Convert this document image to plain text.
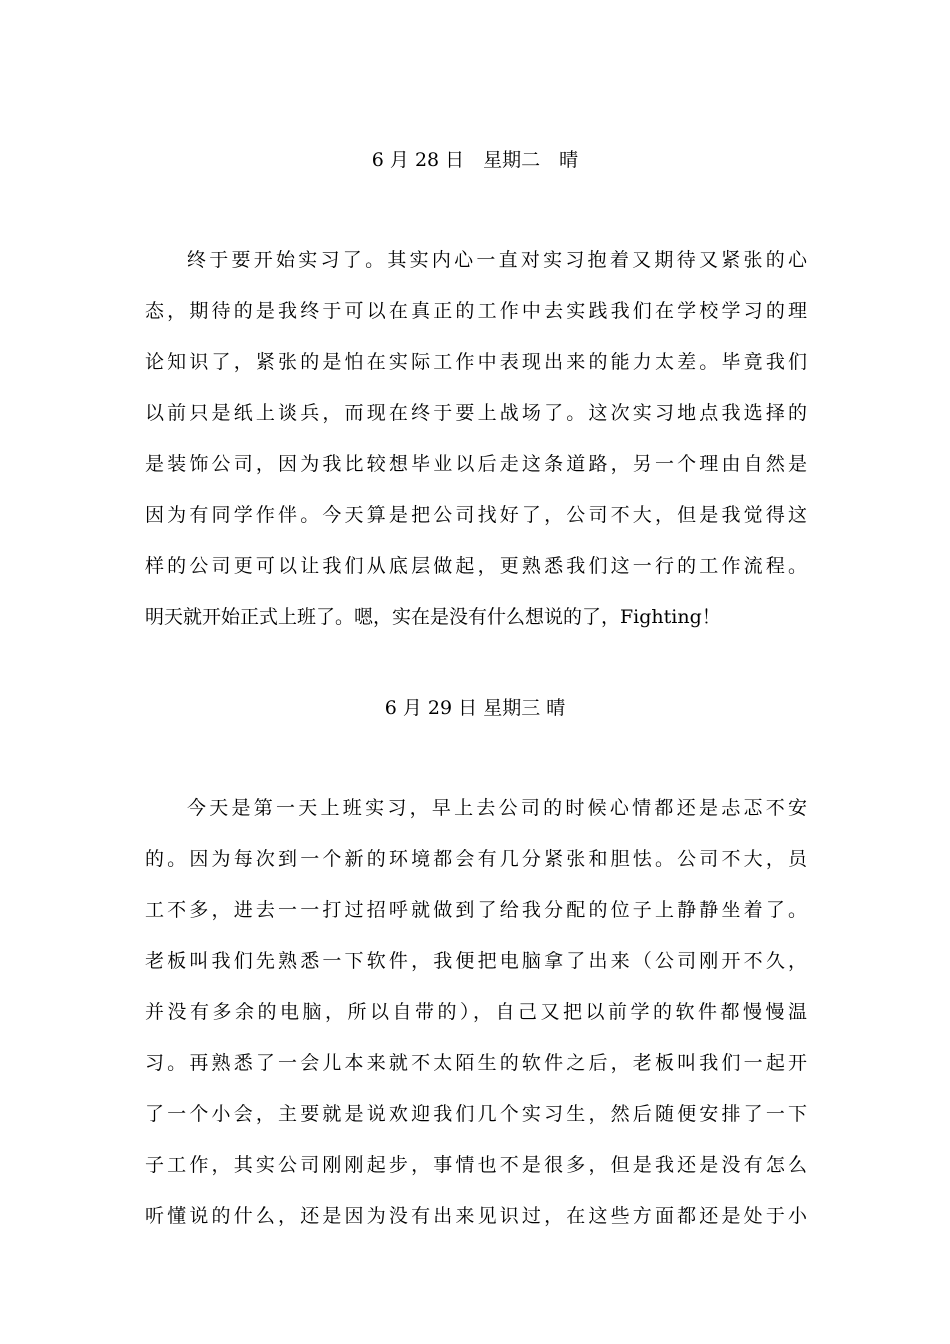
6 月 28 日　星期二　晴
终于要开始实习了。其实内心一直对实习抱着又期待又紧张的心
态，期待的是我终于可以在真正的工作中去实践我们在学校学习的理
论知识了，紧张的是怕在实际工作中表现出来的能力太差。毕竟我们
以前只是纸上谈兵，而现在终于要上战场了。这次实习地点我选择的
是装饰公司，因为我比较想毕业以后走这条道路，另一个理由自然是
因为有同学作伴。今天算是把公司找好了，公司不大，但是我觉得这
样的公司更可以让我们从底层做起，更熟悉我们这一行的工作流程。
明天就开始正式上班了。嗯，实在是没有什么想说的了，Fighting！
6 月 29 日 星期三 晴
今天是第一天上班实习，早上去公司的时候心情都还是忐忑不安
的。因为每次到一个新的环境都会有几分紧张和胆怯。公司不大，员
工不多，进去一一打过招呼就做到了给我分配的位子上静静坐着了。
老板叫我们先熟悉一下软件，我便把电脑拿了出来（公司刚开不久，
并没有多余的电脑，所以自带的），自己又把以前学的软件都慢慢温
习。再熟悉了一会儿本来就不太陌生的软件之后，老板叫我们一起开
了一个小会，主要就是说欢迎我们几个实习生，然后随便安排了一下
子工作，其实公司刚刚起步，事情也不是很多，但是我还是没有怎么
听懂说的什么，还是因为没有出来见识过，在这些方面都还是处于小
